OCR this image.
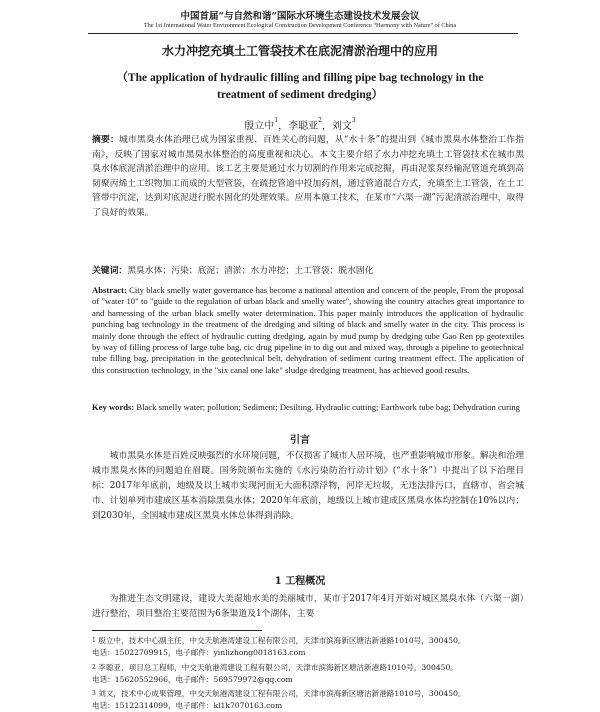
中国首届“与自然和谐”国际水环境生态建设技术发展会议
The 1st International Water Environment Ecological Construction Development Conference “Harmony with Nature” of China
水力冲挖充填土工管袋技术在底泥清淤治理中的应用
（The application of hydraulic filling and filling pipe bag technology in the treatment of sediment dredging）
殷立中$^1$，李聪亚$^2$，刘文$^3$
摘要：城市黑臭水体治理已成为国家重视、百姓关心的问题，从“水十条”的提出到《城市黑臭水体整治工作指南》，反映了国家对城市黑臭水体整治的高度重视和决心。本文主要介绍了水力冲挖充填土工管袋技术在城市黑臭水体底泥清淤治理中的应用。该工艺主要是通过水力切割的作用来完成挖掘，再由泥浆泵经输泥管道充填到高韧聚丙烯土工织物加工而成的大型管袋，在疏挖管道中投加药剂，通过管道混合方式，充填至土工管袋，在土工管带中沉淀，达到对底泥进行脱水固化的处理效果。应用本施工技术，在某市“六渠一湖”污泥清淤治理中，取得了良好的效果。
关键词：黑臭水体；污染；底泥；清淤；水力冲挖；土工管袋；脱水固化
Abstract: City black smelly water governance has become a national attention and concern of the people, From the proposal of "water 10" to "guide to the regulation of urban black and smelly water", showing the country attaches great importance to and harnessing of the urban black smelly water determination. This paper mainly introduces the application of hydraulic punching bag technology in the treatment of the dredging and silting of black and smelly water in the city. This process is mainly done through the effect of hydraulic cutting dredging, again by mud pump by dredging tube Gao Ren pp geotextiles by way of filling process of large tube bag, cic drug pipeline in to dig out and mixed way, through a pipeline to geotechnical tube filling bag, precipitation in the geotechnical belt, dehydration of sediment curing treatment effect. The application of this construction technology, in the "six canal one lake" sludge dredging treatment, has achieved good results.
Key words: Black smelly water; pollution; Sediment; Desilting. Hydraulic cutting; Earthwork tube bag; Dehydration curing
引言
城市黑臭水体是百姓反映强烈的水环境问题，不仅损害了城市人居环境，也严重影响城市形象。解决和治理城市黑臭水体的问题迫在眉睫。国务院颁布实施的《水污染防治行动计划》(“水十条”）中提出了以下治理目标：2017年年底前，地级及以上城市实现河面无大面积漂浮物，河岸无垃圾，无违法排污口，直辖市、省会城市、计划单列市建成区基本消除黑臭水体；2020年年底前，地级以上城市建成区黑臭水体均控制在10%以内；到2030年，全国城市建成区黑臭水体总体得到消除。
1 工程概况
为推进生态文明建设，建设大美湿地水美的美丽城市，某市于2017年4月开始对城区黑臭水体（六渠一湖）进行整治，项目整治主要范围为6条渠道及1个湖体，主要
$^1$ 殷立中，技术中心副主任，中交天航港湾建设工程有限公司，天津市滨海新区塘沽新港路1010号，300450。
电话：15022709915，电子邮件：yinlizhong0018163.com
$^2$ 李聪亚，项目总工程师，中交天航港湾建设工程有限公司，天津市滨海新区塘沽新港路1010号，300450。
电话：15620552966，电子邮件：569579972@qq.com
$^3$ 刘文，技术中心成果管理，中交天航港湾建设工程有限公司，天津市滨海新区塘沽新港路1010号，300450。
电话：15122314099，电子邮件：kl1k7070163.com
